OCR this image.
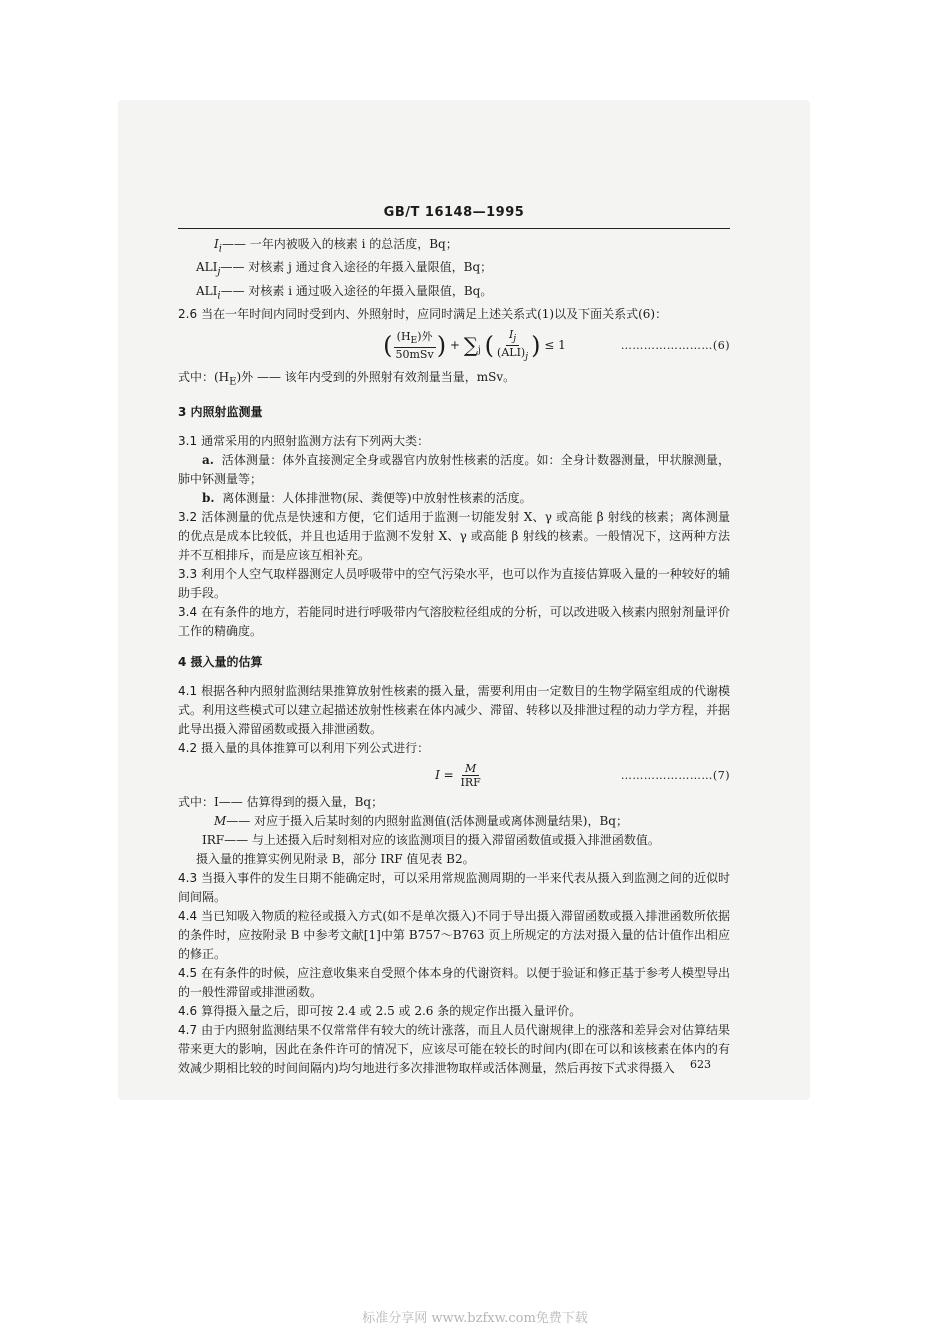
GB/T 16148—1995
$I_i$ —— 一年内被吸入的核素 i 的总活度，Bq；
$ALI_j$ —— 对核素 j 通过食入途径的年摄入量限值，Bq；
$ALI_i$ —— 对核素 i 通过吸入途径的年摄入量限值，Bq。

2.6 当在一年时间内同时受到内、外照射时，应同时满足上述关系式(1)以及下面关系式(6)：

( $\frac{(H_E)外}{\text{50mSv}}$ ) + $\sum_j$ ( $\frac{I_j}{(ALI)_j}$ ) ≤ 1	……………………(6)

式中：$(H_E)$外 —— 该年内受到的外照射有效剂量当量，mSv。

3 内照射监测量

3.1 通常采用的内照射监测方法有下列两大类：

a. 活体测量：体外直接测定全身或器官内放射性核素的活度。如：全身计数器测量，甲状腺测量，肺中钚测量等；

b. 离体测量：人体排泄物(尿、粪便等)中放射性核素的活度。

3.2 活体测量的优点是快速和方便，它们适用于监测一切能发射 X、γ 或高能 β 射线的核素；离体测量的优点是成本比较低，并且也适用于监测不发射 X、γ 或高能 β 射线的核素。一般情况下，这两种方法并不互相排斥，而是应该互相补充。

3.3 利用个人空气取样器测定人员呼吸带中的空气污染水平，也可以作为直接估算吸入量的一种较好的辅助手段。

3.4 在有条件的地方，若能同时进行呼吸带内气溶胶粒径组成的分析，可以改进吸入核素内照射剂量评价工作的精确度。

4 摄入量的估算

4.1 根据各种内照射监测结果推算放射性核素的摄入量，需要利用由一定数目的生物学隔室组成的代谢模式。利用这些模式可以建立起描述放射性核素在体内减少、滞留、转移以及排泄过程的动力学方程，并据此导出摄入滞留函数或摄入排泄函数。

4.2 摄入量的具体推算可以利用下列公式进行：

$I = \frac{M}{\text{IRF}}$	……………………(7)
式中：I —— 估算得到的摄入量，Bq；
M —— 对应于摄入后某时刻的内照射监测值(活体测量或离体测量结果)，Bq；
IRF —— 与上述摄入后时刻相对应的该监测项目的摄入滞留函数值或摄入排泄函数值。

摄入量的推算实例见附录 B，部分 IRF 值见表 B2。

4.3 当摄入事件的发生日期不能确定时，可以采用常规监测周期的一半来代表从摄入到监测之间的近似时间间隔。

4.4 当已知吸入物质的粒径或摄入方式(如不是单次摄入)不同于导出摄入滞留函数或摄入排泄函数所依据的条件时，应按附录 B 中参考文献[1]中第 B757～B763 页上所规定的方法对摄入量的估计值作出相应的修正。

4.5 在有条件的时候，应注意收集来自受照个体本身的代谢资料。以便于验证和修正基于参考人模型导出的一般性滞留或排泄函数。

4.6 算得摄入量之后，即可按 2.4 或 2.5 或 2.6 条的规定作出摄入量评价。

4.7 由于内照射监测结果不仅常常伴有较大的统计涨落，而且人员代谢规律上的涨落和差异会对估算结果带来更大的影响，因此在条件许可的情况下，应该尽可能在较长的时间内(即在可以和该核素在体内的有效减少期相比较的时间间隔内)均匀地进行多次排泄物取样或活体测量，然后再按下式求得摄入	623
标准分享网 www.bzfxw.com免费下载
